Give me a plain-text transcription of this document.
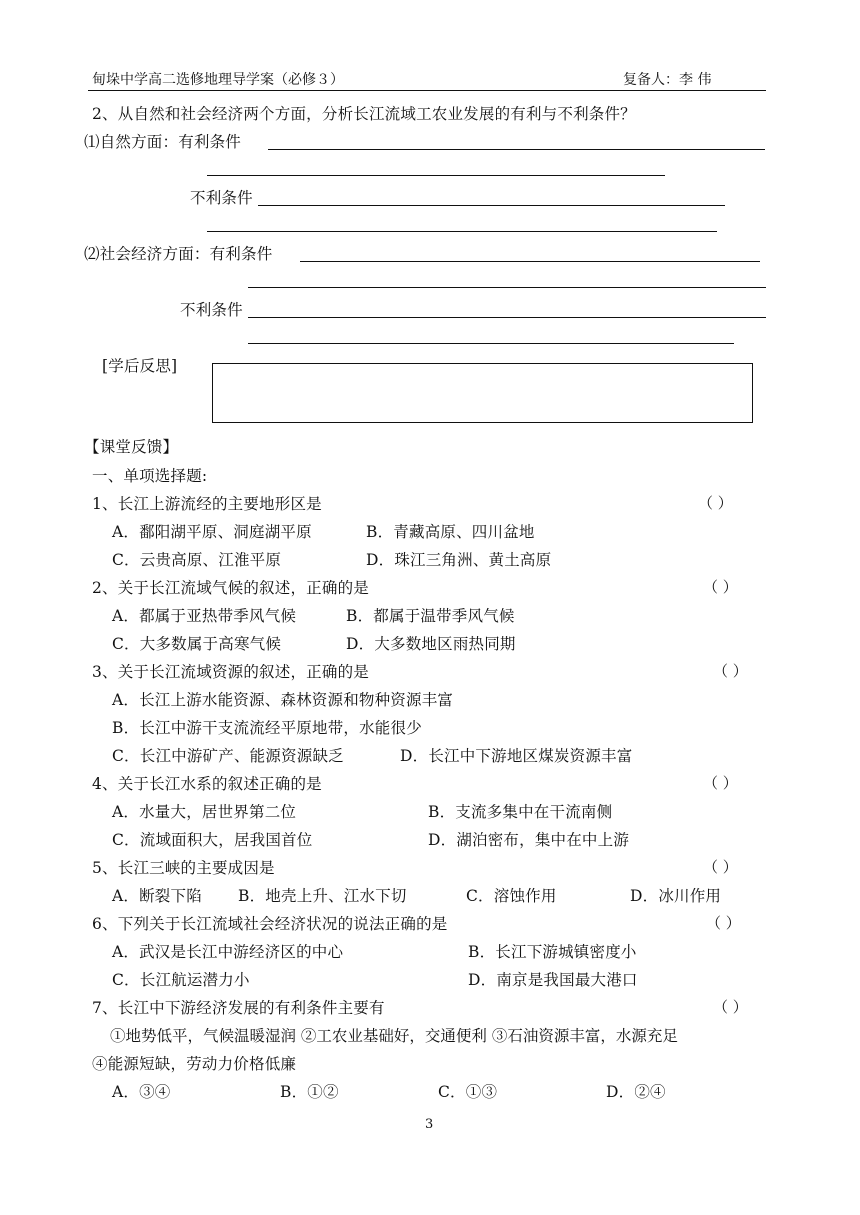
甸垛中学高二选修地理导学案（必修３）	复备人：李 伟
2、从自然和社会经济两个方面，分析长江流域工农业发展的有利与不利条件？
⑴自然方面：有利条件
不利条件
⑵社会经济方面：有利条件
不利条件
[学后反思]
【课堂反馈】
一、单项选择题:
1、长江上游流经的主要地形区是	（ ）
A．鄱阳湖平原、洞庭湖平原	B．青藏高原、四川盆地
C．云贵高原、江淮平原	D．珠江三角洲、黄土高原
2、关于长江流域气候的叙述，正确的是	（ ）
A．都属于亚热带季风气候	B．都属于温带季风气候
C．大多数属于高寒气候	D．大多数地区雨热同期
3、关于长江流域资源的叙述，正确的是	（ ）
A．长江上游水能资源、森林资源和物种资源丰富
B．长江中游干支流流经平原地带，水能很少
C．长江中游矿产、能源资源缺乏	D．长江中下游地区煤炭资源丰富
4、关于长江水系的叙述正确的是	（ ）
A．水量大，居世界第二位	B．支流多集中在干流南侧
C．流域面积大，居我国首位	D．湖泊密布，集中在中上游
5、长江三峡的主要成因是	（ ）
A．断裂下陷 B．地壳上升、江水下切	C．溶蚀作用	D．冰川作用
6、下列关于长江流域社会经济状况的说法正确的是	（ ）
A．武汉是长江中游经济区的中心	B．长江下游城镇密度小
C．长江航运潜力小	D．南京是我国最大港口
7、长江中下游经济发展的有利条件主要有	（ ）
①地势低平，气候温暖湿润 ②工农业基础好，交通便利 ③石油资源丰富，水源充足
④能源短缺，劳动力价格低廉
A．③④	B．①②	C．①③	D．②④
3
